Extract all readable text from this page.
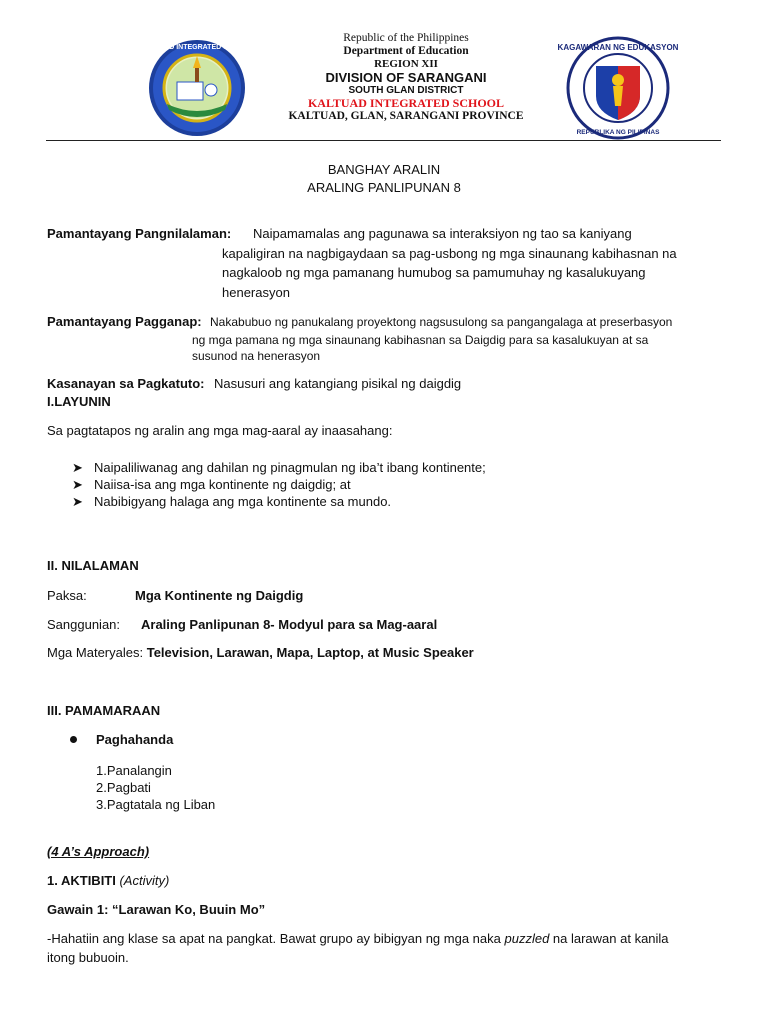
KALTUAD INTEGRATED SCHOOL
Republic of the Philippines
Department of Education
REGION XII
DIVISION OF SARANGANI
SOUTH GLAN DISTRICT
KALTUAD INTEGRATED SCHOOL
KALTUAD, GLAN, SARANGANI PROVINCE
KAGAWARAN NG EDUKASYON
REPUBLIKA NG PILIPINAS
BANGHAY ARALIN
ARALING PANLIPUNAN 8
Pamantayang Pangnilalaman: Naipamamalas ang pagunawa sa interaksiyon ng tao sa kaniyang
kapaligiran na nagbigaydaan sa pag-usbong ng mga sinaunang kabihasnan na
nagkaloob ng mga pamanang humubog sa pamumuhay ng kasalukuyang
henerasyon
Pamantayang Pagganap: Nakabubuo ng panukalang proyektong nagsusulong sa pangangalaga at preserbasyon
ng mga pamana ng mga sinaunang kabihasnan sa Daigdig para sa kasalukuyan at sa
susunod na henerasyon
Kasanayan sa Pagkatuto: Nasusuri ang katangiang pisikal ng daigdig
I.LAYUNIN
Sa pagtatapos ng aralin ang mga mag-aaral ay inaasahang:
➤ Naipaliliwanag ang dahilan ng pinagmulan ng iba’t ibang kontinente;
➤ Naiisa-isa ang mga kontinente ng daigdig; at
➤ Nabibigyang halaga ang mga kontinente sa mundo.
II. NILALAMAN
Paksa:	Mga Kontinente ng Daigdig
Sanggunian: Araling Panlipunan 8- Modyul para sa Mag-aaral
Mga Materyales: Television, Larawan, Mapa, Laptop, at Music Speaker
III. PAMAMARAAN
Paghahanda
1.Panalangin
2.Pagbati
3.Pagtatala ng Liban
(4 A’s Approach)
1. AKTIBITI (Activity)
Gawain 1: “Larawan Ko, Buuin Mo”
-Hahatiin ang klase sa apat na pangkat. Bawat grupo ay bibigyan ng mga naka puzzled na larawan at kanila
itong bubuoin.
